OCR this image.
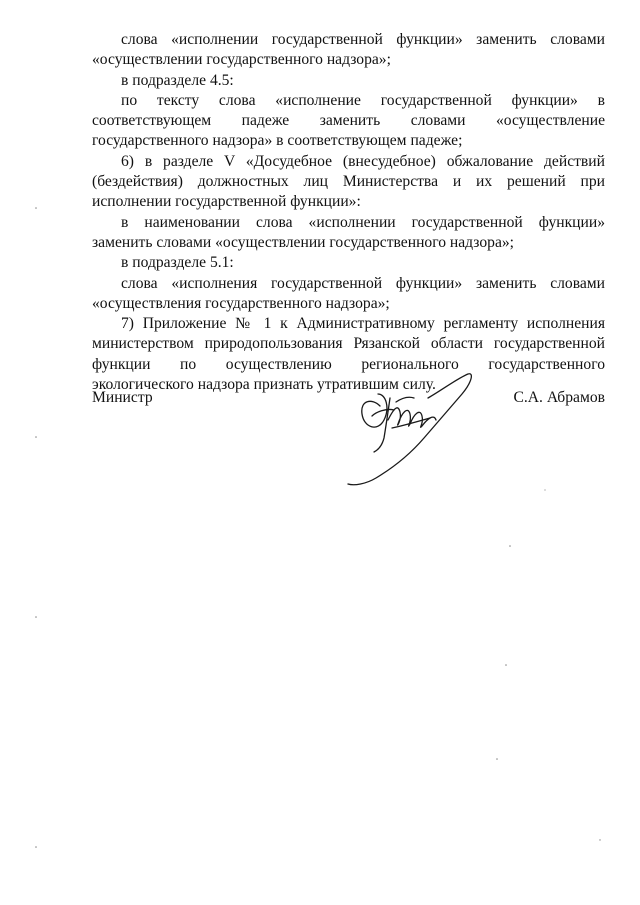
слова «исполнении государственной функции» заменить словами «осуществлении государственного надзора»;

в подразделе 4.5:

по тексту слова «исполнение государственной функции» в соответствующем падеже заменить словами «осуществление государственного надзора» в соответствующем падеже;

6) в разделе V «Досудебное (внесудебное) обжалование действий (бездействия) должностных лиц Министерства и их решений при исполнении государственной функции»:

в наименовании слова «исполнении государственной функции» заменить словами «осуществлении государственного надзора»;

в подразделе 5.1:

слова «исполнения государственной функции» заменить словами «осуществления государственного надзора»;

7) Приложение № 1 к Административному регламенту исполнения министерством природопользования Рязанской области государственной функции по осуществлению регионального государственного экологического надзора признать утратившим силу.

Министр	С.А. Абрамов
